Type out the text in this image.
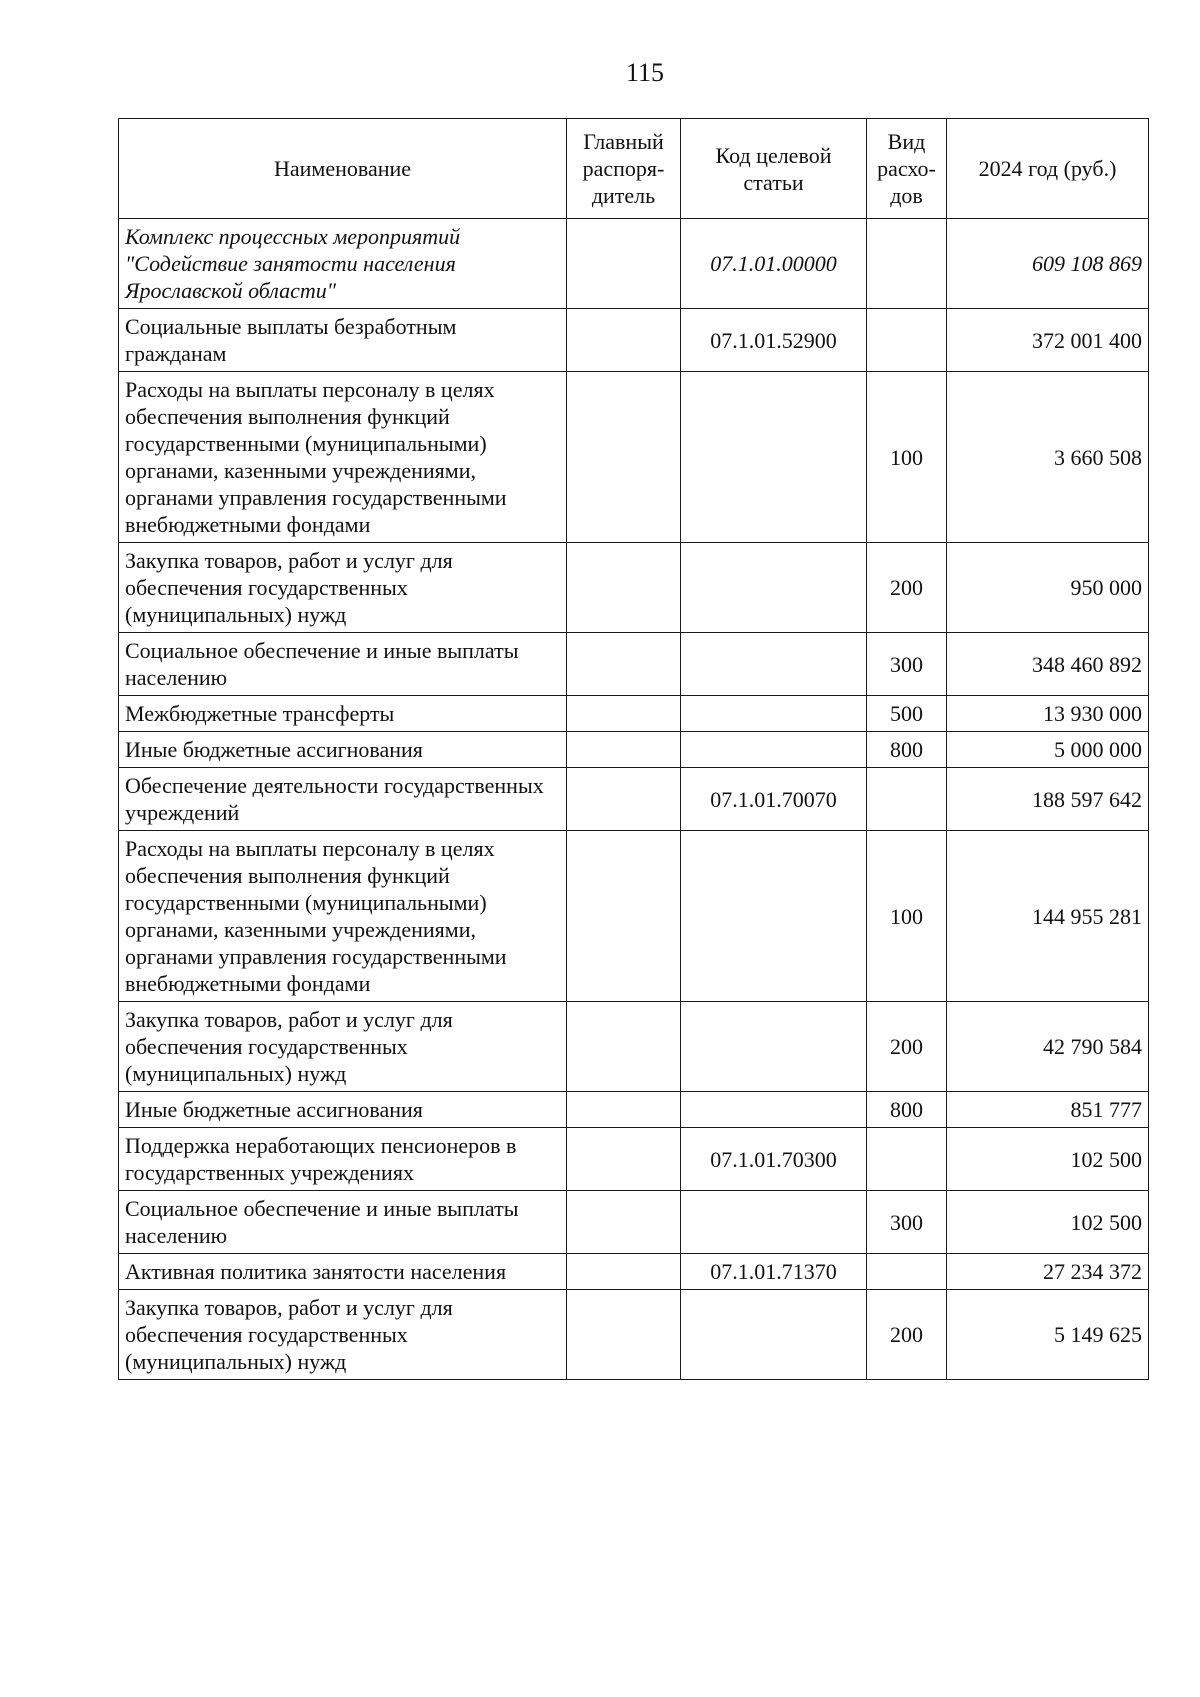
115
Наименование	Главный распоря-дитель	Код целевой статьи	Вид расхо-дов	2024 год (руб.)
Комплекс процессных мероприятий "Содействие занятости населения Ярославской области"		07.1.01.00000		609 108 869
Социальные выплаты безработным гражданам		07.1.01.52900		372 001 400
Расходы на выплаты персоналу в целях обеспечения выполнения функций государственными (муниципальными) органами, казенными учреждениями, органами управления государственными внебюджетными фондами			100	3 660 508
Закупка товаров, работ и услуг для обеспечения государственных (муниципальных) нужд			200	950 000
Социальное обеспечение и иные выплаты населению			300	348 460 892
Межбюджетные трансферты			500	13 930 000
Иные бюджетные ассигнования			800	5 000 000
Обеспечение деятельности государственных учреждений		07.1.01.70070		188 597 642
Расходы на выплаты персоналу в целях обеспечения выполнения функций государственными (муниципальными) органами, казенными учреждениями, органами управления государственными внебюджетными фондами			100	144 955 281
Закупка товаров, работ и услуг для обеспечения государственных (муниципальных) нужд			200	42 790 584
Иные бюджетные ассигнования			800	851 777
Поддержка неработающих пенсионеров в государственных учреждениях		07.1.01.70300		102 500
Социальное обеспечение и иные выплаты населению			300	102 500
Активная политика занятости населения		07.1.01.71370		27 234 372
Закупка товаров, работ и услуг для обеспечения государственных (муниципальных) нужд			200	5 149 625
